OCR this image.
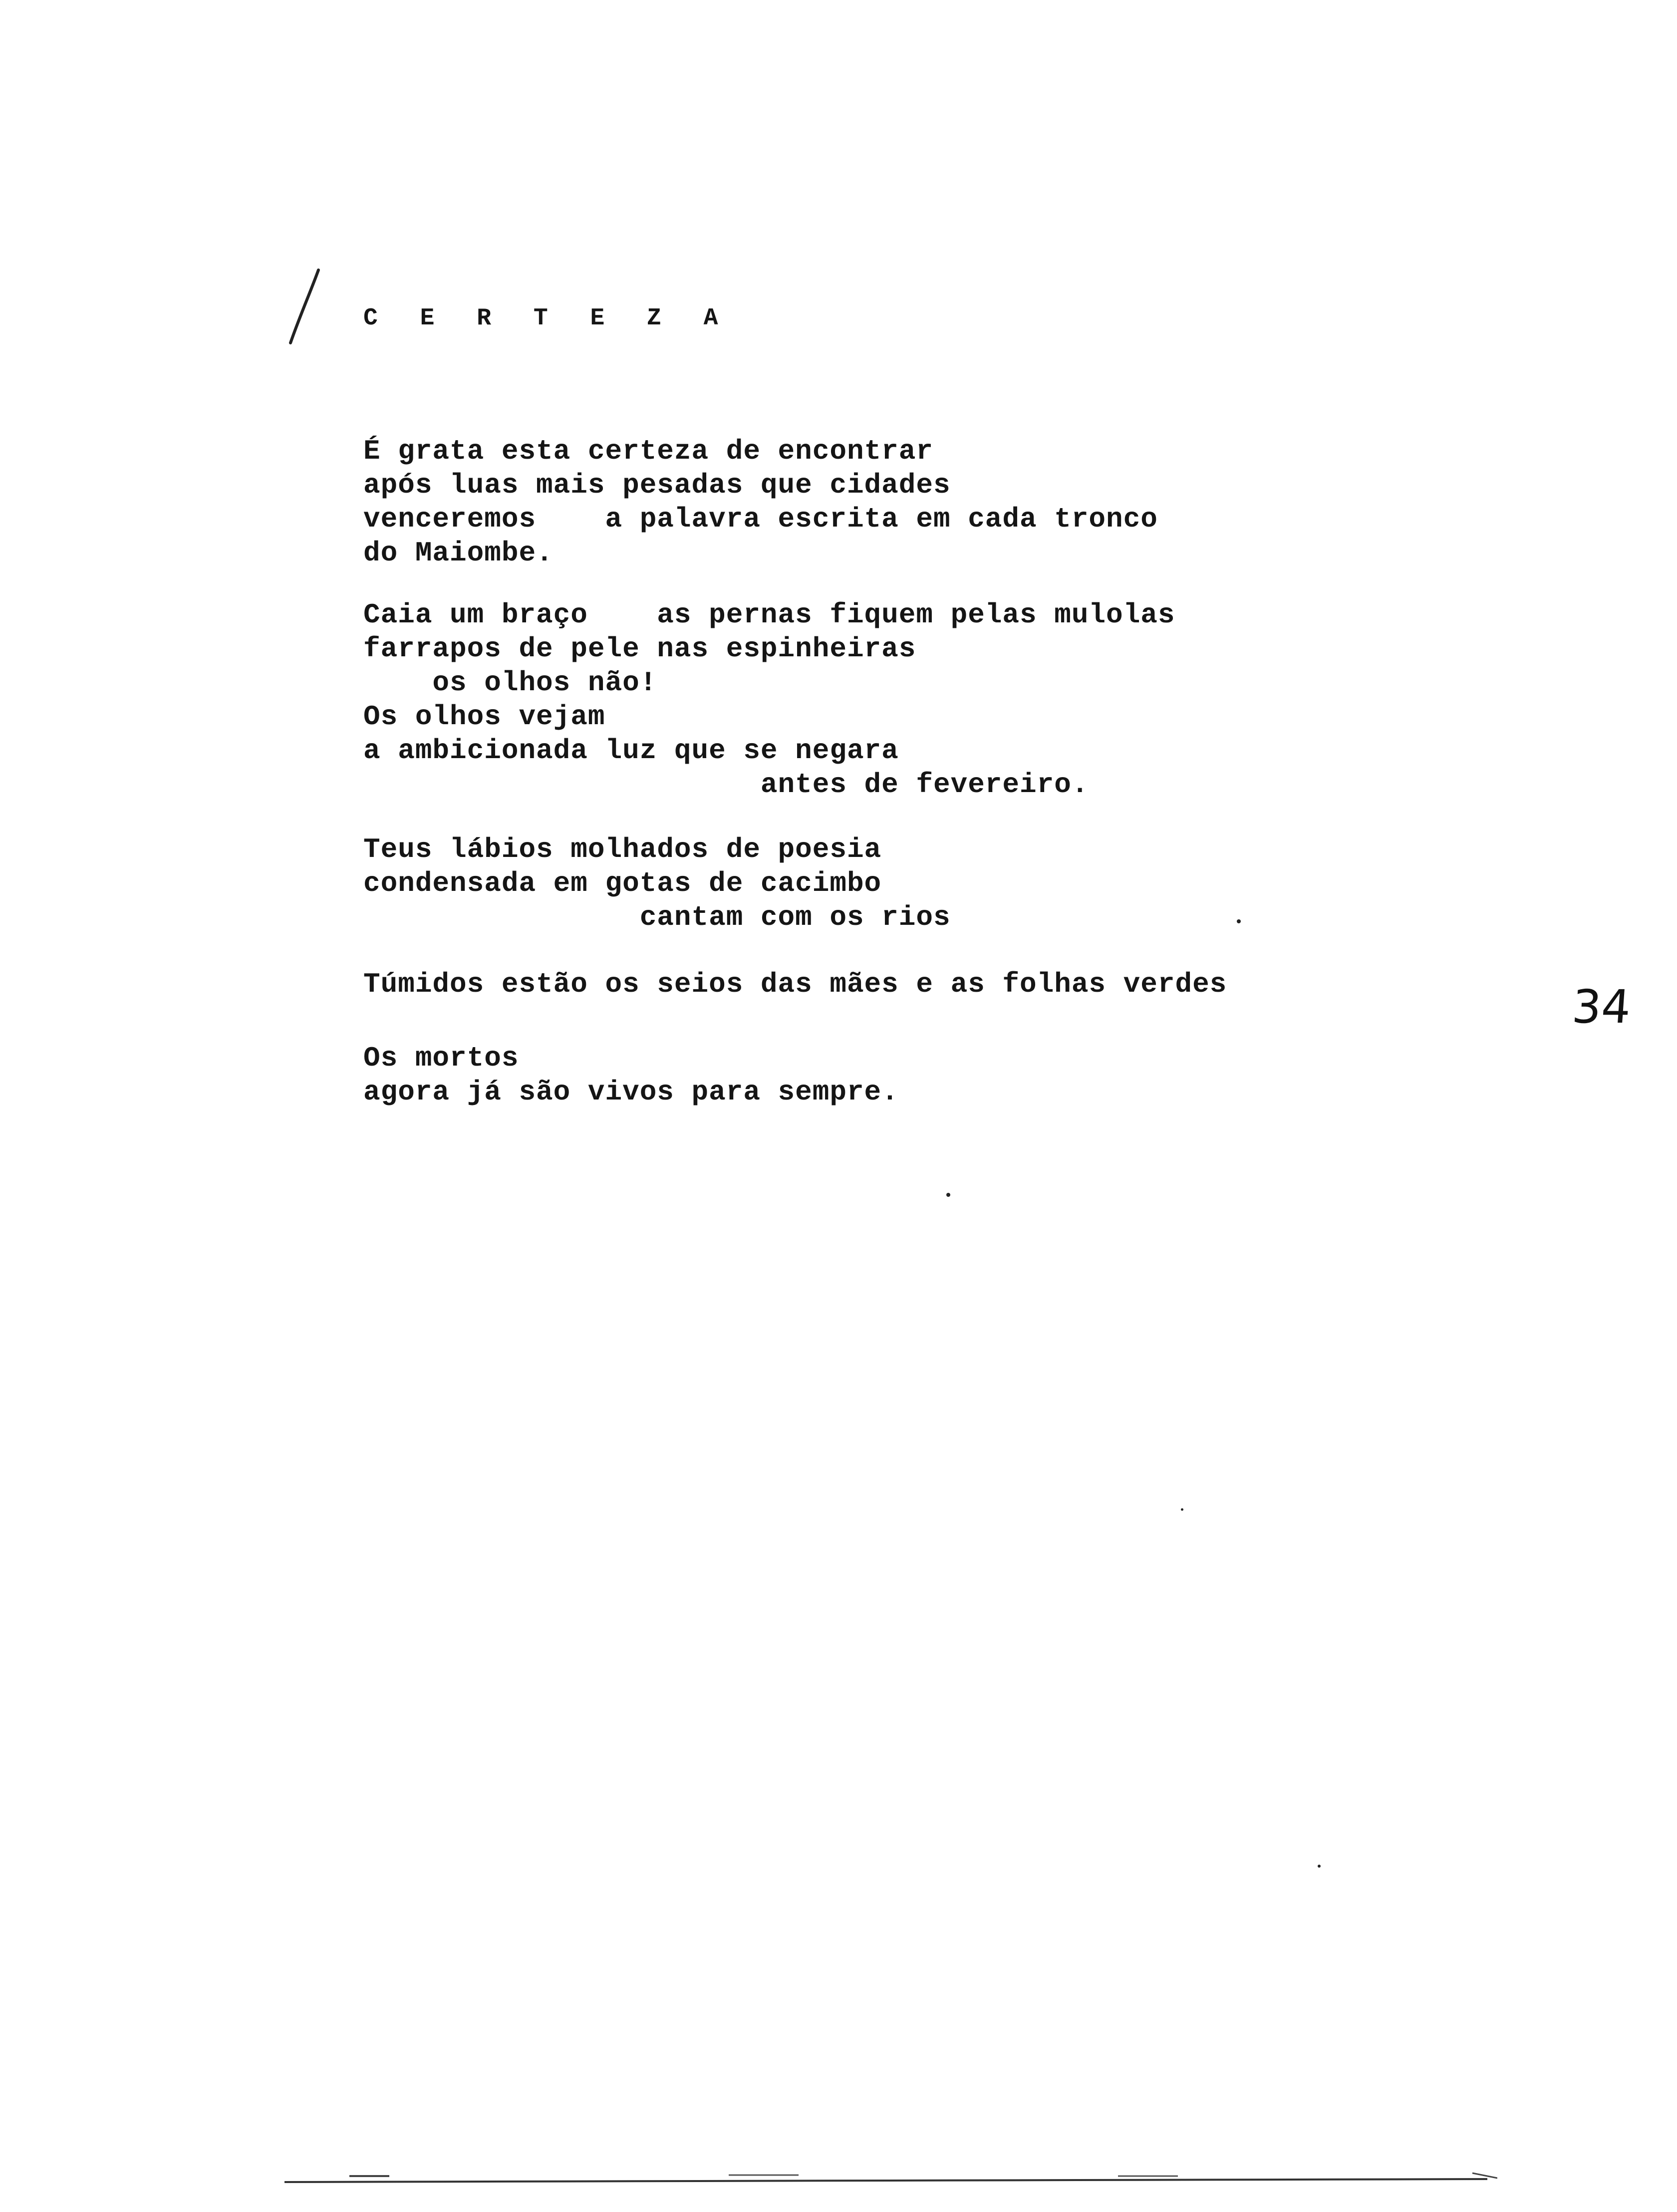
C E R T E Z A
É grata esta certeza de encontrar
após luas mais pesadas que cidades
venceremos    a palavra escrita em cada tronco
do Maiombe.
Caia um braço    as pernas fiquem pelas mulolas
farrapos de pele nas espinheiras
os olhos não!
Os olhos vejam
a ambicionada luz que se negara
antes de fevereiro.
Teus lábios molhados de poesia
condensada em gotas de cacimbo
cantam com os rios
Túmidos estão os seios das mães e as folhas verdes
Os mortos
agora já são vivos para sempre.
34
